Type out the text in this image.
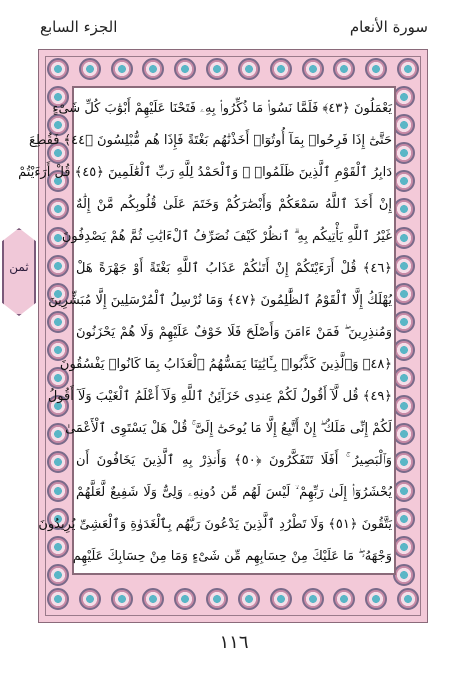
سورة الأنعام
الجزء السابع
ثمن
يَعْمَلُونَ ﴿٤٣﴾ فَلَمَّا نَسُوا۟ مَا ذُكِّرُوا۟ بِهِۦ فَتَحْنَا عَلَيْهِمْ أَبْوَٰبَ كُلِّ شَىْءٍ
حَتَّىٰٓ إِذَا فَرِحُوا۟ بِمَآ أُوتُوٓا۟ أَخَذْنَٰهُم بَغْتَةً فَإِذَا هُم مُّبْلِسُونَ ﴿٤٤﴾ فَقُطِعَ
دَابِرُ ٱلْقَوْمِ ٱلَّذِينَ ظَلَمُوا۟ ۚ وَٱلْحَمْدُ لِلَّهِ رَبِّ ٱلْعَٰلَمِينَ ﴿٤٥﴾ قُلْ أَرَءَيْتُمْ
إِنْ أَخَذَ ٱللَّهُ سَمْعَكُمْ وَأَبْصَٰرَكُمْ وَخَتَمَ عَلَىٰ قُلُوبِكُم مَّنْ إِلَٰهٌ
غَيْرُ ٱللَّهِ يَأْتِيكُم بِهِ ۗ ٱنظُرْ كَيْفَ نُصَرِّفُ ٱلْءَايَٰتِ ثُمَّ هُمْ يَصْدِفُونَ
﴿٤٦﴾ قُلْ أَرَءَيْتَكُمْ إِنْ أَتَىٰكُمْ عَذَابُ ٱللَّهِ بَغْتَةً أَوْ جَهْرَةً هَلْ
يُهْلَكُ إِلَّا ٱلْقَوْمُ ٱلظَّٰلِمُونَ ﴿٤٧﴾ وَمَا نُرْسِلُ ٱلْمُرْسَلِينَ إِلَّا مُبَشِّرِينَ
وَمُنذِرِينَ ۖ فَمَنْ ءَامَنَ وَأَصْلَحَ فَلَا خَوْفٌ عَلَيْهِمْ وَلَا هُمْ يَحْزَنُونَ
﴿٤٨﴾ وَٱلَّذِينَ كَذَّبُوا۟ بِـَٔايَٰتِنَا يَمَسُّهُمُ ٱلْعَذَابُ بِمَا كَانُوا۟ يَفْسُقُونَ
﴿٤٩﴾ قُل لَّآ أَقُولُ لَكُمْ عِندِى خَزَآئِنُ ٱللَّهِ وَلَآ أَعْلَمُ ٱلْغَيْبَ وَلَآ أَقُولُ
لَكُمْ إِنِّى مَلَكٌ ۖ إِنْ أَتَّبِعُ إِلَّا مَا يُوحَىٰٓ إِلَىَّ ۚ قُلْ هَلْ يَسْتَوِى ٱلْأَعْمَىٰ
وَٱلْبَصِيرُ ۚ أَفَلَا تَتَفَكَّرُونَ ﴿٥٠﴾ وَأَنذِرْ بِهِ ٱلَّذِينَ يَخَافُونَ أَن
يُحْشَرُوٓا۟ إِلَىٰ رَبِّهِمْ ۙ لَيْسَ لَهُم مِّن دُونِهِۦ وَلِىٌّ وَلَا شَفِيعٌ لَّعَلَّهُمْ
يَتَّقُونَ ﴿٥١﴾ وَلَا تَطْرُدِ ٱلَّذِينَ يَدْعُونَ رَبَّهُم بِٱلْغَدَوٰةِ وَٱلْعَشِىِّ يُرِيدُونَ
وَجْهَهُۥ ۖ مَا عَلَيْكَ مِنْ حِسَابِهِم مِّن شَىْءٍ وَمَا مِنْ حِسَابِكَ عَلَيْهِم
١١٦
